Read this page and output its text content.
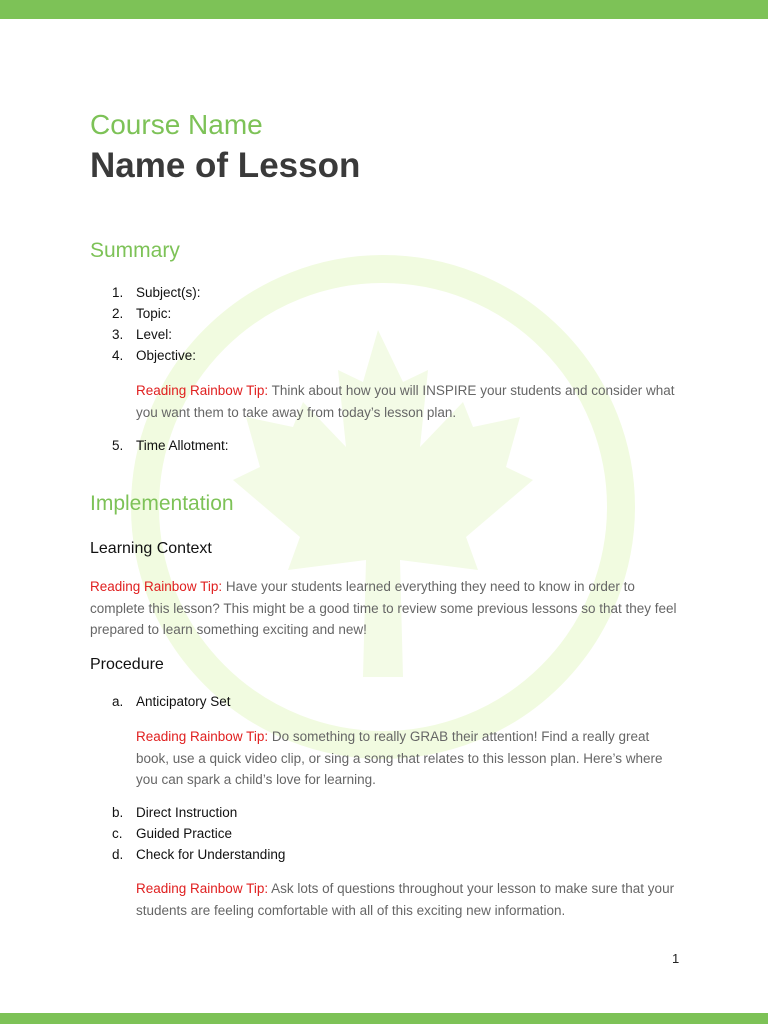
Course Name
Name of Lesson
Summary
1. Subject(s):
2. Topic:
3. Level:
4. Objective:
Reading Rainbow Tip: Think about how you will INSPIRE your students and consider what you want them to take away from today’s lesson plan.
5. Time Allotment:
Implementation
Learning Context
Reading Rainbow Tip: Have your students learned everything they need to know in order to complete this lesson? This might be a good time to review some previous lessons so that they feel prepared to learn something exciting and new!
Procedure
a. Anticipatory Set
Reading Rainbow Tip: Do something to really GRAB their attention! Find a really great book, use a quick video clip, or sing a song that relates to this lesson plan. Here’s where you can spark a child’s love for learning.
b. Direct Instruction
c. Guided Practice
d. Check for Understanding
Reading Rainbow Tip: Ask lots of questions throughout your lesson to make sure that your students are feeling comfortable with all of this exciting new information.
1
